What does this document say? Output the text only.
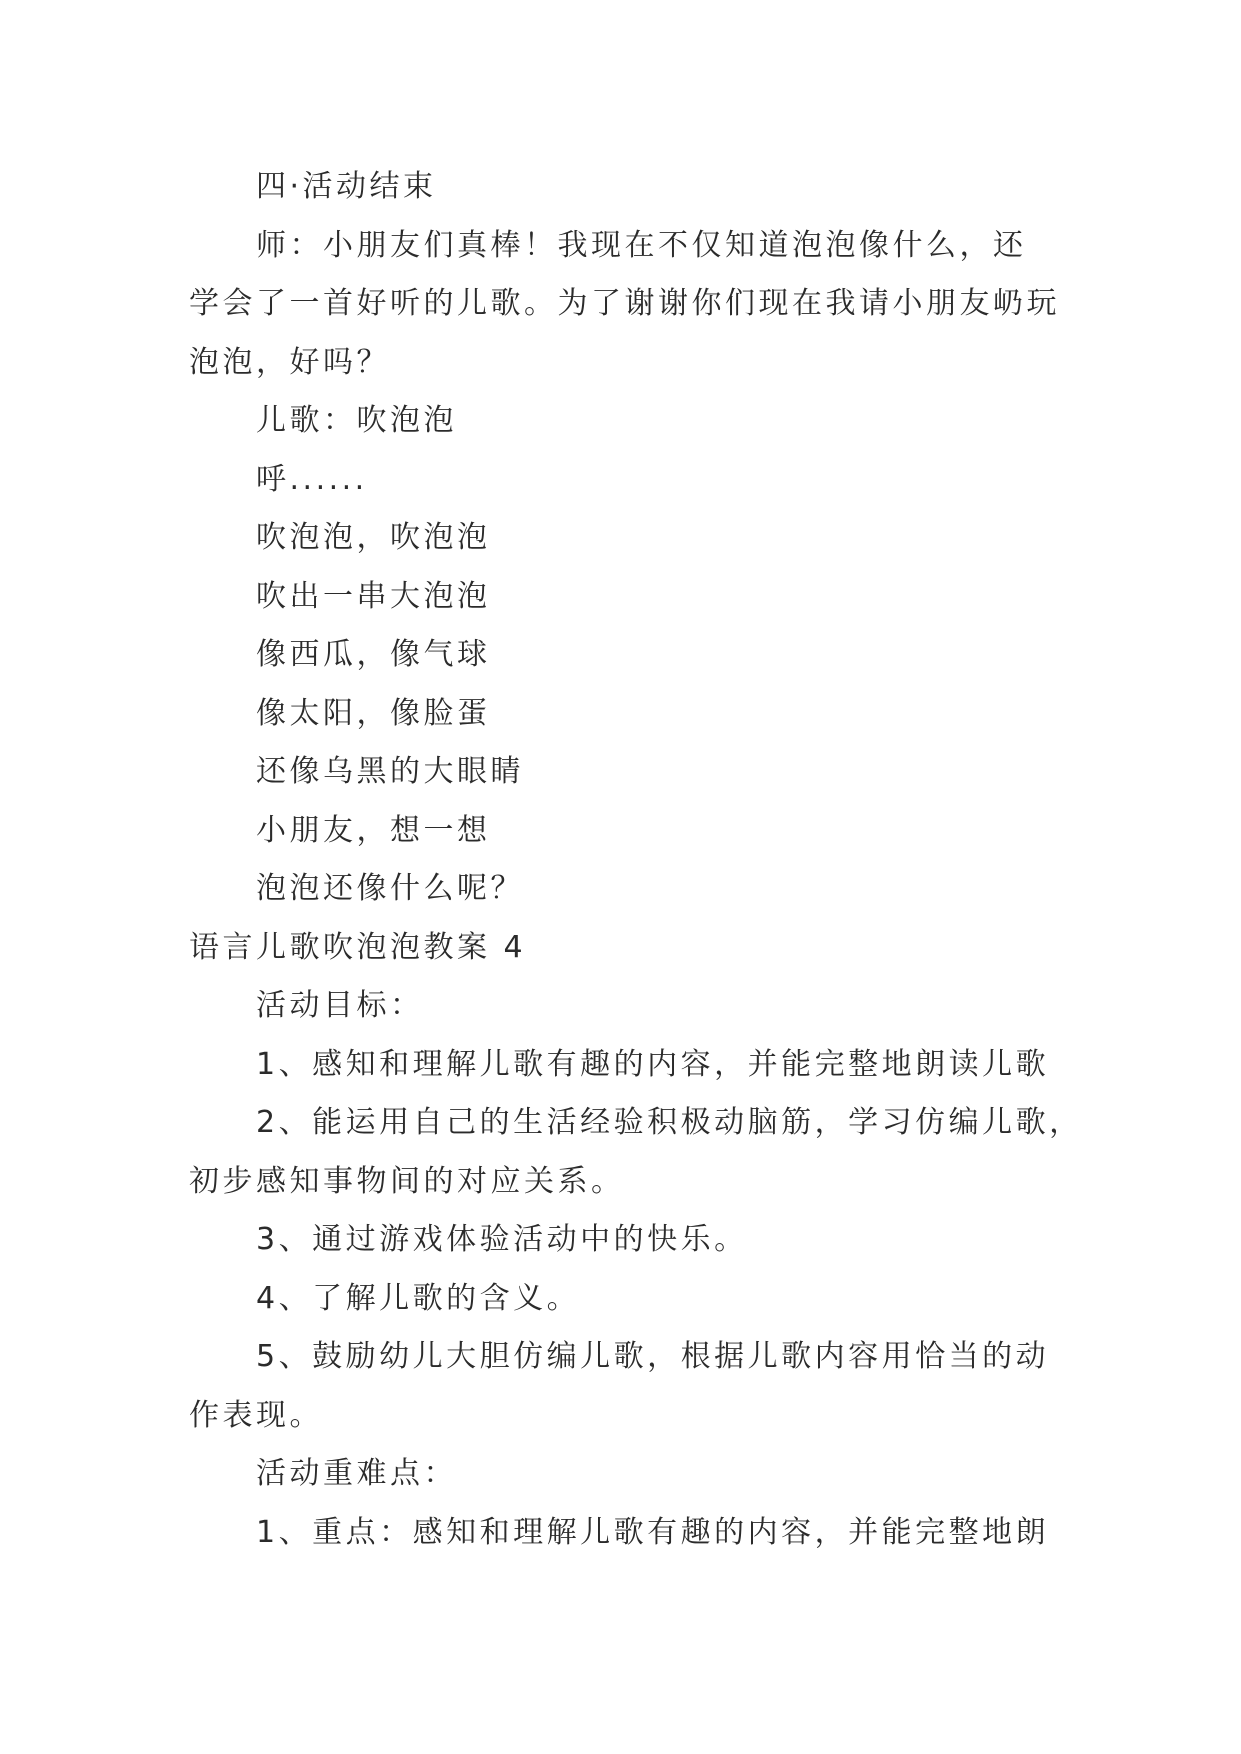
四·活动结束
师：小朋友们真棒！我现在不仅知道泡泡像什么，还
学会了一首好听的儿歌。为了谢谢你们现在我请小朋友屷玩
泡泡，好吗？
儿歌：吹泡泡
呼......
吹泡泡，吹泡泡
吹出一串大泡泡
像西瓜，像气球
像太阳，像脸蛋
还像乌黑的大眼睛
小朋友，想一想
泡泡还像什么呢？
语言儿歌吹泡泡教案 4
活动目标：
1、感知和理解儿歌有趣的内容，并能完整地朗读儿歌
2、能运用自己的生活经验积极动脑筋，学习仿编儿歌，
初步感知事物间的对应关系。
3、通过游戏体验活动中的快乐。
4、了解儿歌的含义。
5、鼓励幼儿大胆仿编儿歌，根据儿歌内容用恰当的动
作表现。
活动重难点：
1、重点：感知和理解儿歌有趣的内容，并能完整地朗
